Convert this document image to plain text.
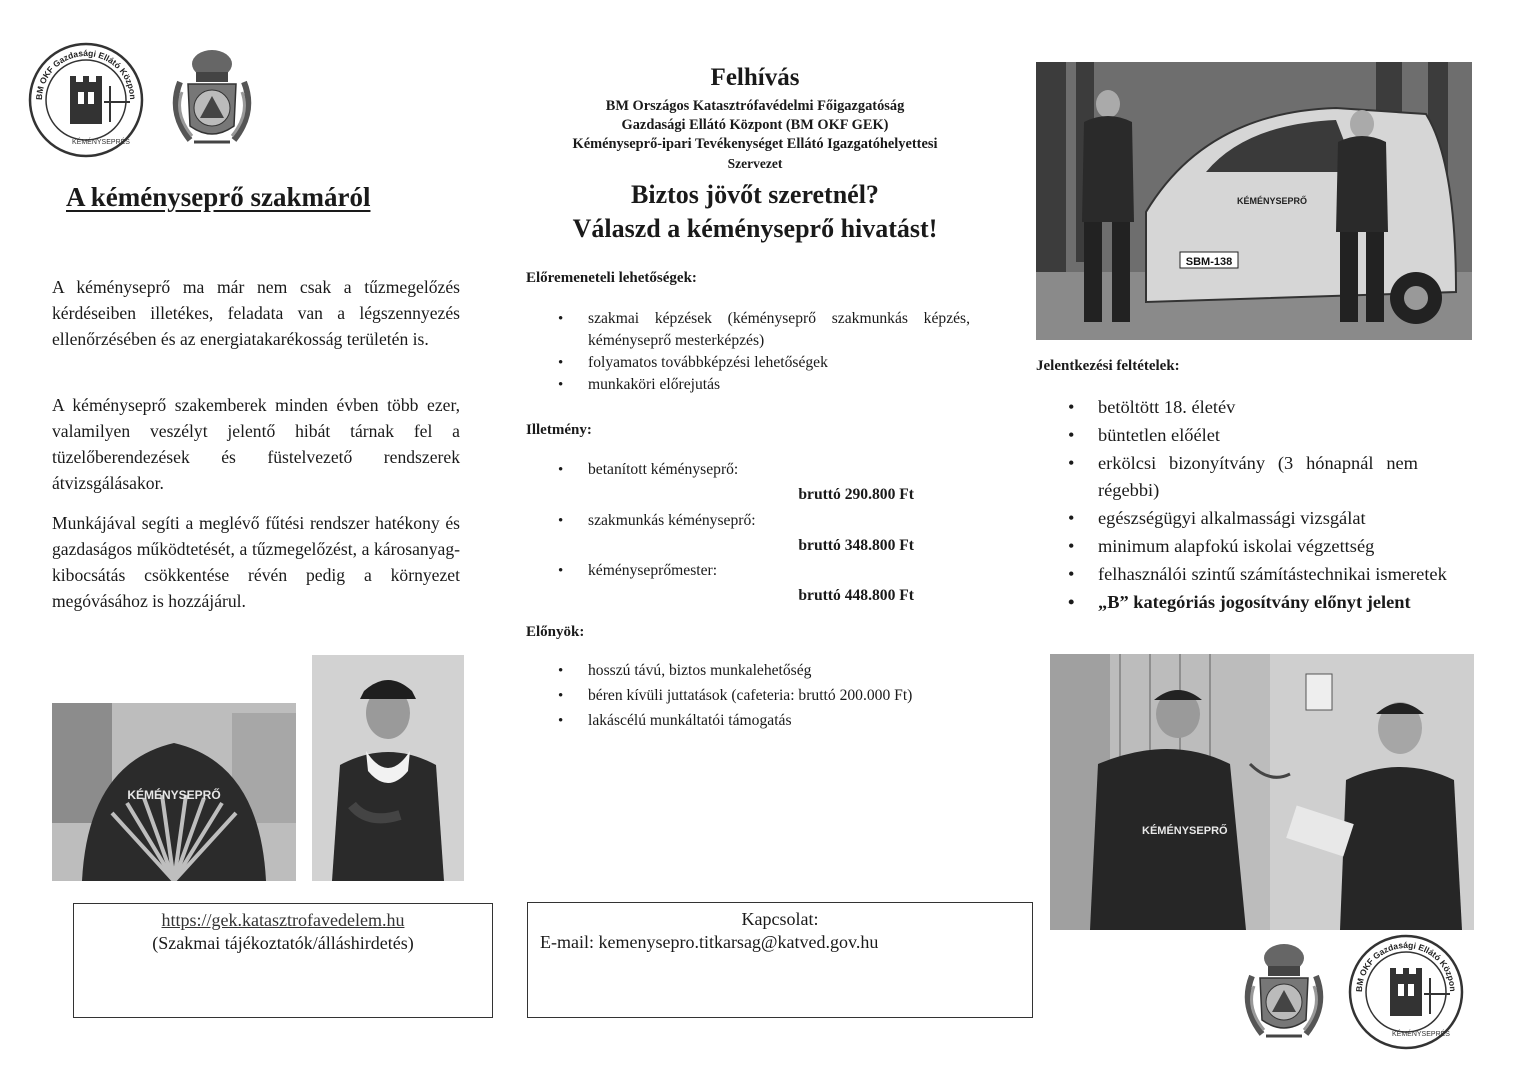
BM OKF Gazdasági Ellátó Közpon
KÉMÉNYSEPRÉS
A kéményseprő szakmáról
A kéményseprő ma már nem csak a tűzmegelőzés kérdéseiben illetékes, feladata van a légszennyezés ellenőrzésében és az energiatakarékosság területén is.
A kéményseprő szakemberek minden évben több ezer, valamilyen veszélyt jelentő hibát tárnak fel a tüzelőberendezések és füstelvezető rendszerek átvizsgálásakor.
Munkájával segíti a meglévő fűtési rendszer hatékony és gazdaságos működtetését, a tűzmegelőzést, a károsanyag-kibocsátás csökkentése révén pedig a környezet megóvásához is hozzájárul.
KÉMÉNYSEPRŐ
https://gek.katasztrofavedelem.hu
(Szakmai tájékoztatók/álláshirdetés)
Felhívás
BM Országos Katasztrófavédelmi Főigazgatóság
Gazdasági Ellátó Központ (BM OKF GEK)
Kéményseprő-ipari Tevékenységet Ellátó Igazgatóhelyettesi
Szervezet
Biztos jövőt szeretnél?
Válaszd a kéményseprő hivatást!
Előremeneteli lehetőségek:
• szakmai képzések (kéményseprő szakmunkás képzés, kéményseprő mesterképzés)
• folyamatos továbbképzési lehetőségek
• munkaköri előrejutás
Illetmény:
• betanított kéményseprő:
bruttó 290.800 Ft
• szakmunkás kéményseprő:
bruttó 348.800 Ft
• kéményseprőmester:
bruttó 448.800 Ft
Előnyök:
• hosszú távú, biztos munkalehetőség
• béren kívüli juttatások (cafeteria: bruttó 200.000 Ft)
• lakáscélú munkáltatói támogatás
Kapcsolat:
E-mail: kemenysepro.titkarsag@katved.gov.hu
SBM-138
KÉMÉNYSEPRŐ
Jelentkezési feltételek:
• betöltött 18. életév
• büntetlen előélet
• erkölcsi bizonyítvány (3 hónapnál nem régebbi)
• egészségügyi alkalmassági vizsgálat
• minimum alapfokú iskolai végzettség
• felhasználói szintű számítástechnikai ismeretek
• „B” kategóriás jogosítvány előnyt jelent
KÉMÉNYSEPRŐ
BM OKF Gazdasági Ellátó Közpon
KÉMÉNYSEPRÉS
